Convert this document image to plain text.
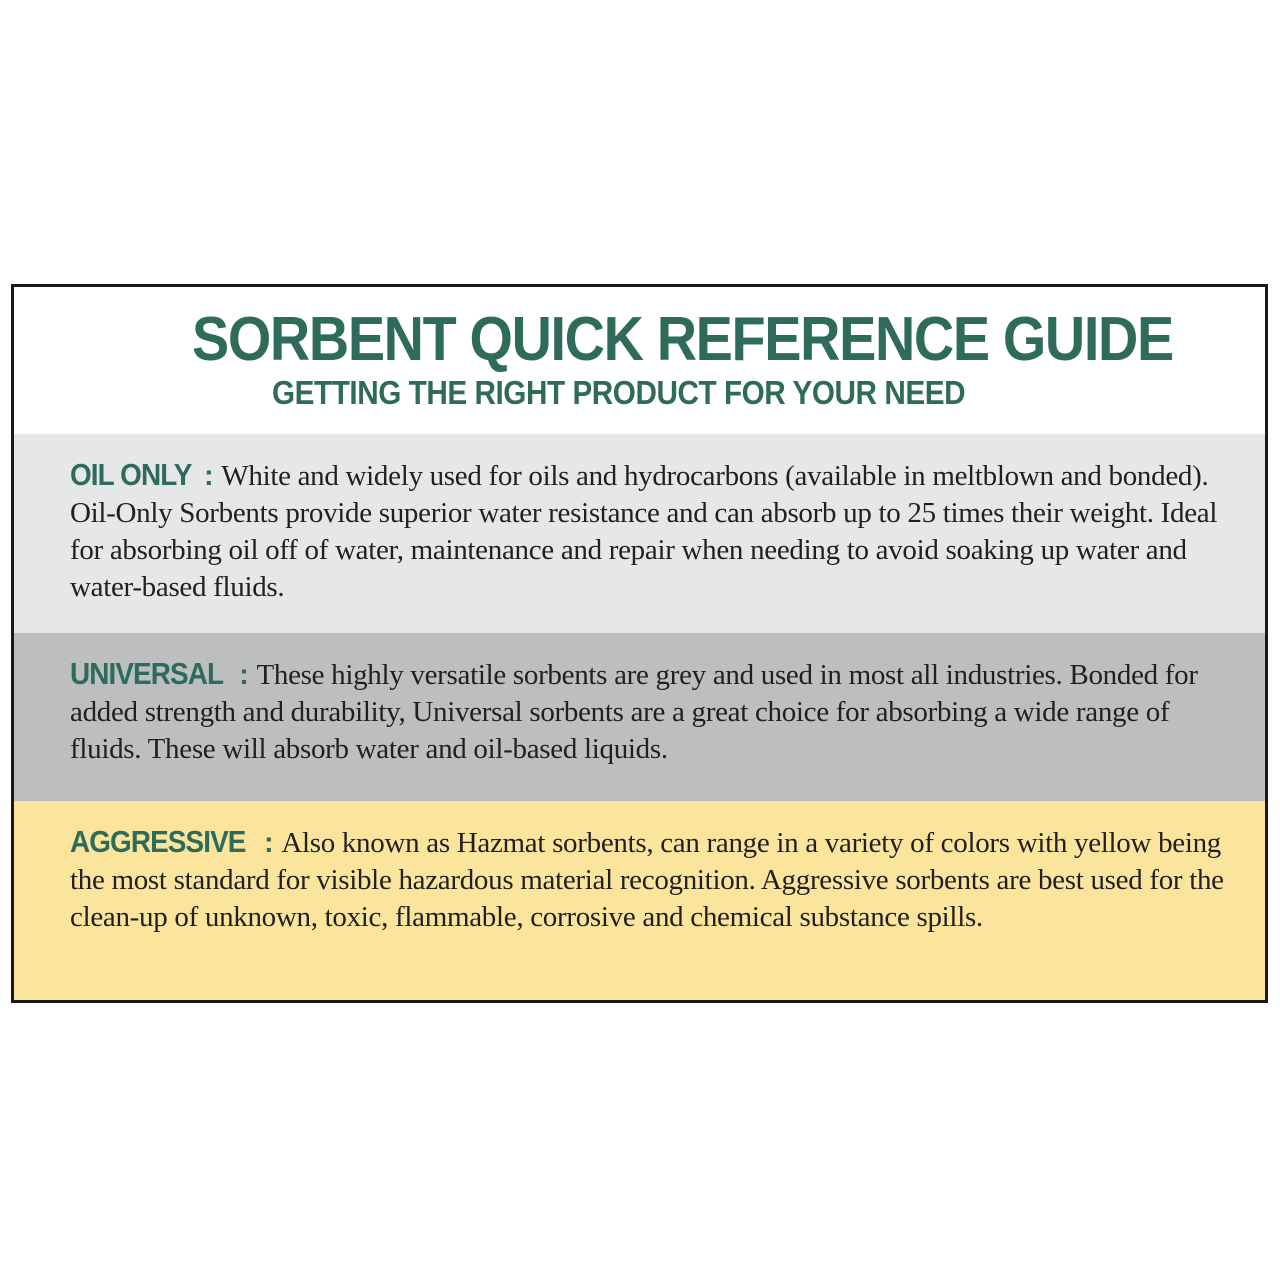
SORBENT QUICK REFERENCE GUIDE
GETTING THE RIGHT PRODUCT FOR YOUR NEED

OIL ONLY : White and widely used for oils and hydrocarbons (available in meltblown and bonded). Oil-Only Sorbents provide superior water resistance and can absorb up to 25 times their weight. Ideal for absorbing oil off of water, maintenance and repair when needing to avoid soaking up water and water-based fluids.

UNIVERSAL : These highly versatile sorbents are grey and used in most all industries. Bonded for added strength and durability, Universal sorbents are a great choice for absorbing a wide range of fluids. These will absorb water and oil-based liquids.

AGGRESSIVE : Also known as Hazmat sorbents, can range in a variety of colors with yellow being the most standard for visible hazardous material recognition. Aggressive sorbents are best used for the clean-up of unknown, toxic, flammable, corrosive and chemical substance spills.
